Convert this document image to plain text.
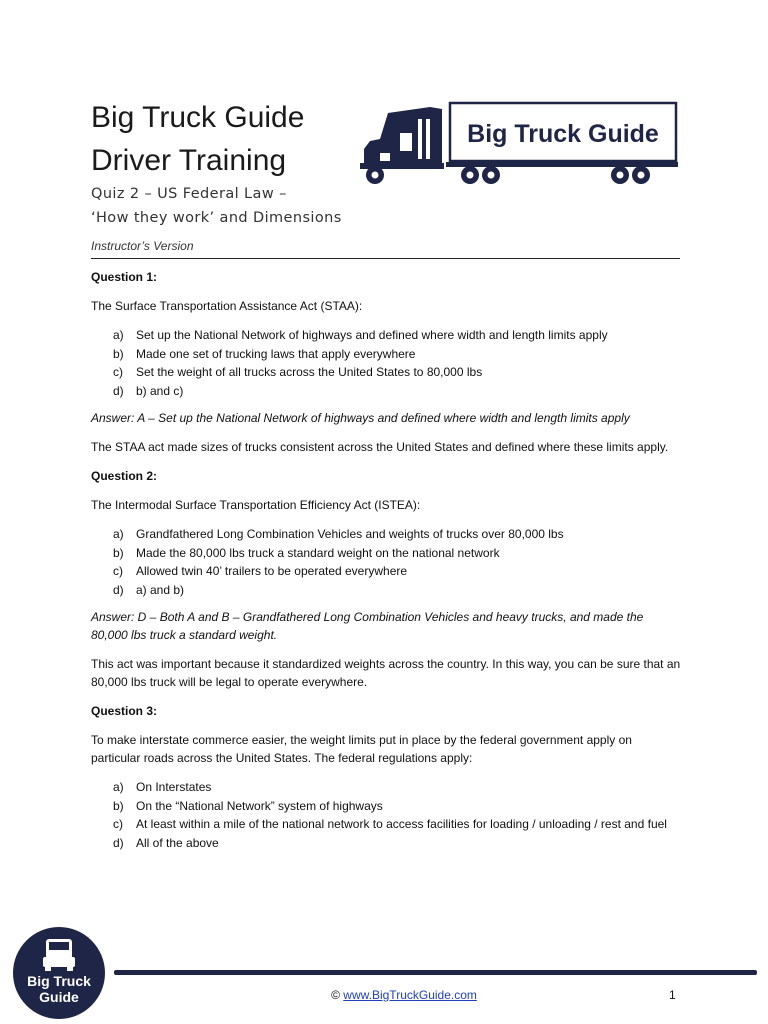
Big Truck Guide
Driver Training
Quiz 2 – US Federal Law –
‘How they work’ and Dimensions
Big Truck Guide
Instructor’s Version

Question 1:

The Surface Transportation Assistance Act (STAA):

a) Set up the National Network of highways and defined where width and length limits apply
b) Made one set of trucking laws that apply everywhere
c) Set the weight of all trucks across the United States to 80,000 lbs
d) b) and c)

Answer: A – Set up the National Network of highways and defined where width and length limits apply

The STAA act made sizes of trucks consistent across the United States and defined where these limits apply.

Question 2:

The Intermodal Surface Transportation Efficiency Act (ISTEA):

a) Grandfathered Long Combination Vehicles and weights of trucks over 80,000 lbs
b) Made the 80,000 lbs truck a standard weight on the national network
c) Allowed twin 40’ trailers to be operated everywhere
d) a) and b)

Answer: D – Both A and B – Grandfathered Long Combination Vehicles and heavy trucks, and made the 80,000 lbs truck a standard weight.

This act was important because it standardized weights across the country. In this way, you can be sure that an 80,000 lbs truck will be legal to operate everywhere.

Question 3:

To make interstate commerce easier, the weight limits put in place by the federal government apply on particular roads across the United States. The federal regulations apply:

a) On Interstates
b) On the “National Network” system of highways
c) At least within a mile of the national network to access facilities for loading / unloading / rest and fuel
d) All of the above
Big Truck
Guide	© www.BigTruckGuide.com	1
